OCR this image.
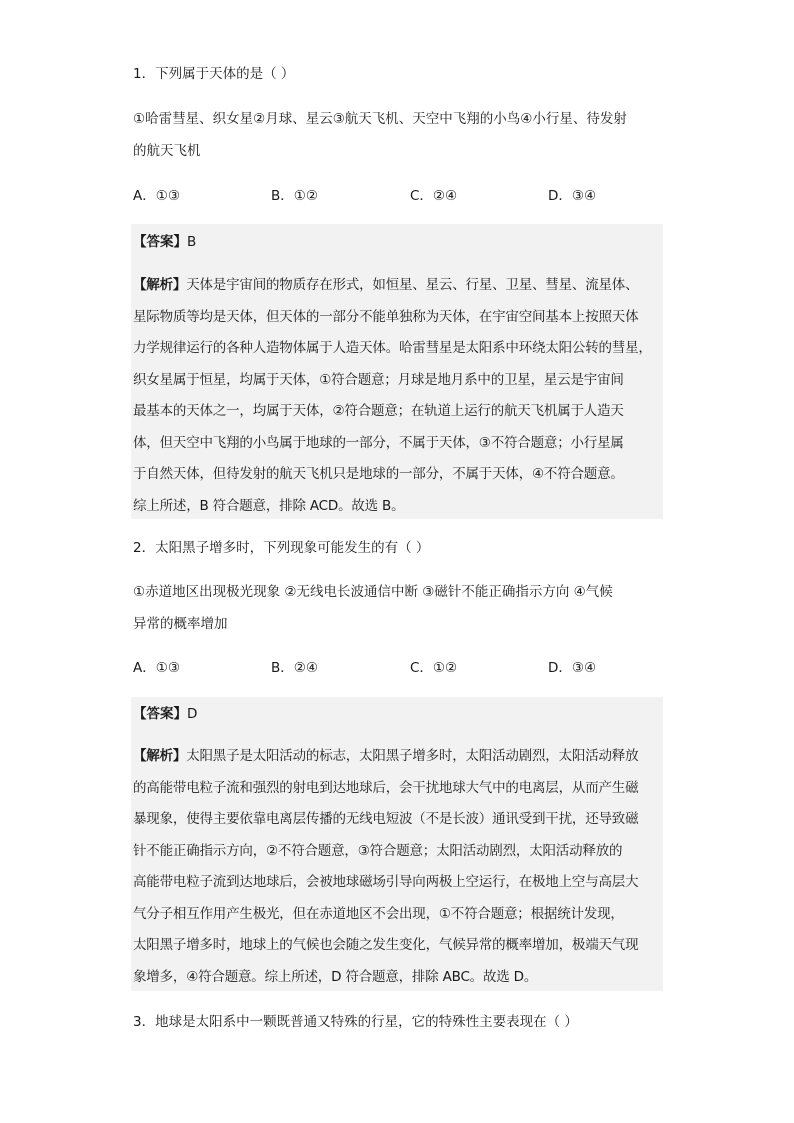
1．下列属于天体的是（ ）
①哈雷彗星、织女星②月球、星云③航天飞机、天空中飞翔的小鸟④小行星、待发射
的航天飞机
A．①③	B．①②	C．②④	D．③④
【答案】B
【解析】天体是宇宙间的物质存在形式，如恒星、星云、行星、卫星、彗星、流星体、
星际物质等均是天体，但天体的一部分不能单独称为天体，在宇宙空间基本上按照天体
力学规律运行的各种人造物体属于人造天体。哈雷彗星是太阳系中环绕太阳公转的彗星，
织女星属于恒星，均属于天体，①符合题意；月球是地月系中的卫星，星云是宇宙间
最基本的天体之一，均属于天体，②符合题意；在轨道上运行的航天飞机属于人造天
体，但天空中飞翔的小鸟属于地球的一部分，不属于天体，③不符合题意；小行星属
于自然天体，但待发射的航天飞机只是地球的一部分，不属于天体，④不符合题意。
综上所述，B 符合题意，排除 ACD。故选 B。
2．太阳黑子增多时，下列现象可能发生的有（ ）
①赤道地区出现极光现象 ②无线电长波通信中断 ③磁针不能正确指示方向 ④气候
异常的概率增加
A．①③	B．②④	C．①②	D．③④
【答案】D
【解析】太阳黑子是太阳活动的标志，太阳黑子增多时，太阳活动剧烈，太阳活动释放
的高能带电粒子流和强烈的射电到达地球后，会干扰地球大气中的电离层，从而产生磁
暴现象，使得主要依靠电离层传播的无线电短波（不是长波）通讯受到干扰，还导致磁
针不能正确指示方向，②不符合题意，③符合题意；太阳活动剧烈，太阳活动释放的
高能带电粒子流到达地球后，会被地球磁场引导向两极上空运行，在极地上空与高层大
气分子相互作用产生极光，但在赤道地区不会出现，①不符合题意；根据统计发现，
太阳黑子增多时，地球上的气候也会随之发生变化，气候异常的概率增加，极端天气现
象增多，④符合题意。综上所述，D 符合题意，排除 ABC。故选 D。
3．地球是太阳系中一颗既普通又特殊的行星，它的特殊性主要表现在（ ）
